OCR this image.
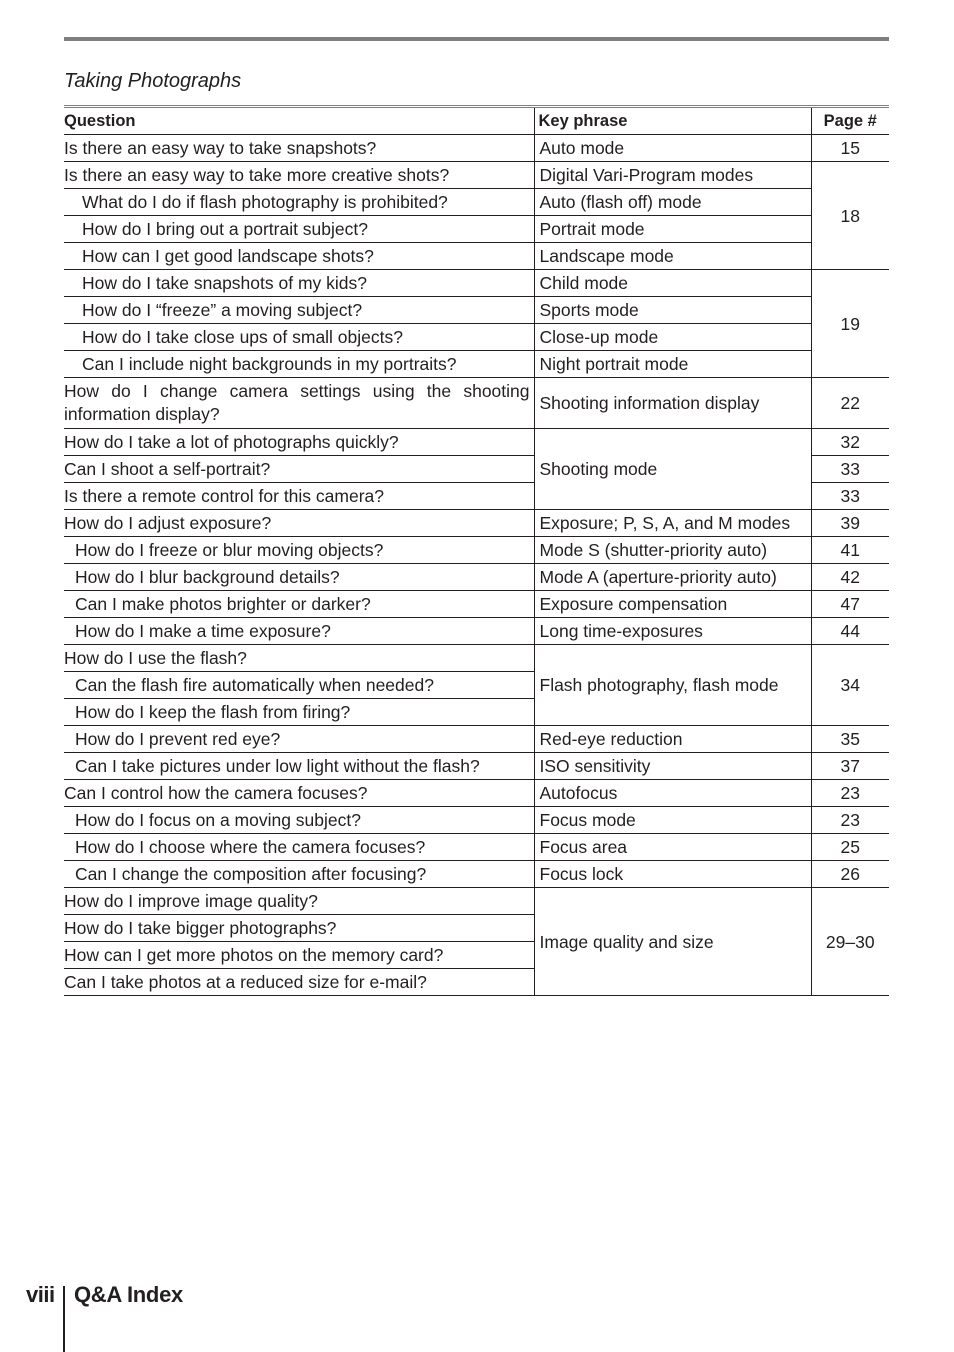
Taking Photographs
Question	Key phrase	Page #
Is there an easy way to take snapshots?	Auto mode	15
Is there an easy way to take more creative shots?	Digital Vari-Program modes	18
What do I do if flash photography is prohibited?	Auto (flash off) mode	
How do I bring out a portrait subject?	Portrait mode	
How can I get good landscape shots?	Landscape mode	
How do I take snapshots of my kids?	Child mode	19
How do I “freeze” a moving subject?	Sports mode	
How do I take close ups of small objects?	Close-up mode	
Can I include night backgrounds in my portraits?	Night portrait mode	
How do I change camera settings using the shooting information display?	Shooting information display	22
How do I take a lot of photographs quickly?	Shooting mode	32
Can I shoot a self-portrait?		33
Is there a remote control for this camera?		33
How do I adjust exposure?	Exposure; P, S, A, and M modes	39
How do I freeze or blur moving objects?	Mode S (shutter-priority auto)	41
How do I blur background details?	Mode A (aperture-priority auto)	42
Can I make photos brighter or darker?	Exposure compensation	47
How do I make a time exposure?	Long time-exposures	44
How do I use the flash?	Flash photography, flash mode	34
Can the flash fire automatically when needed?		
How do I keep the flash from firing?		
How do I prevent red eye?	Red-eye reduction	35
Can I take pictures under low light without the flash?	ISO sensitivity	37
Can I control how the camera focuses?	Autofocus	23
How do I focus on a moving subject?	Focus mode	23
How do I choose where the camera focuses?	Focus area	25
Can I change the composition after focusing?	Focus lock	26
How do I improve image quality?	Image quality and size	29–30
How do I take bigger photographs?		
How can I get more photos on the memory card?		
Can I take photos at a reduced size for e-mail?		
viii Q&A Index
